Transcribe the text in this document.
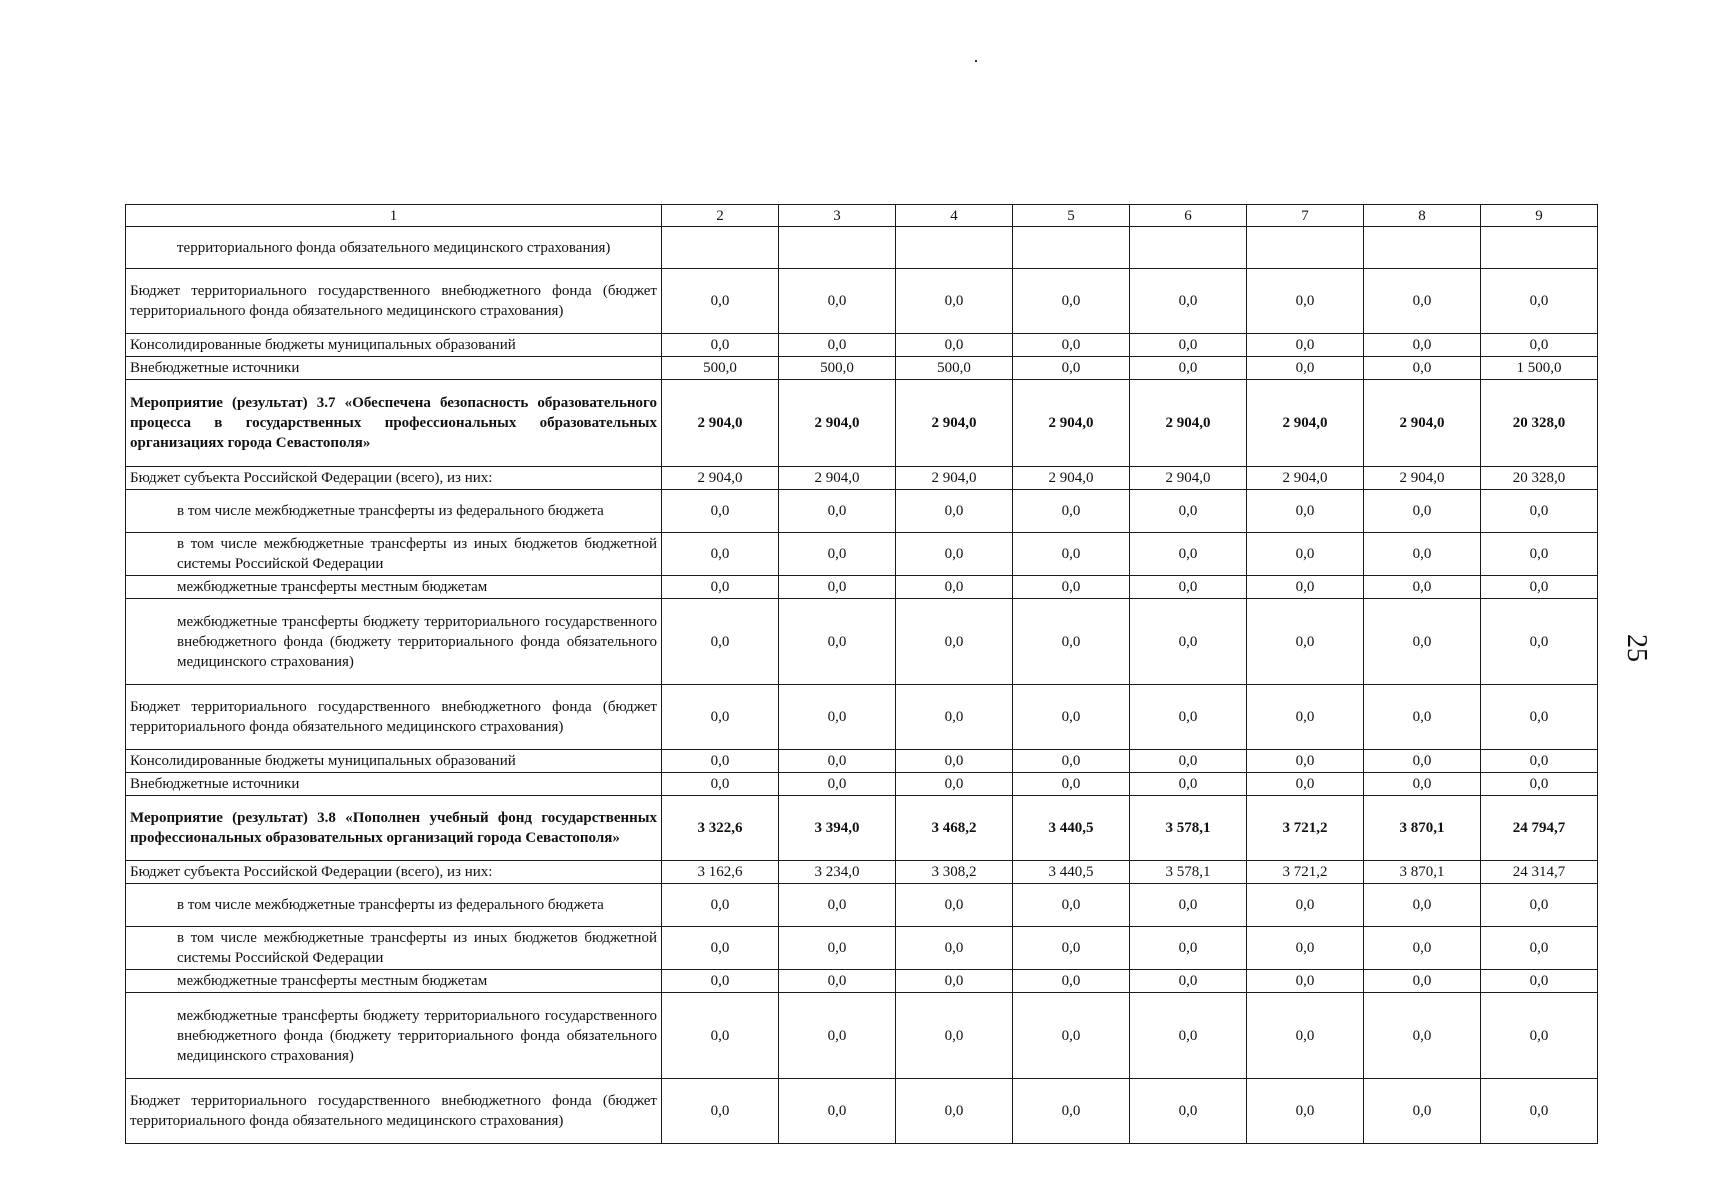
1	2	3	4	5	6	7	8	9
территориального фонда обязательного медицинского страхования)								
Бюджет территориального государственного внебюджетного фонда (бюджет территориального фонда обязательного медицинского страхования)	0,0	0,0	0,0	0,0	0,0	0,0	0,0	0,0
Консолидированные бюджеты муниципальных образований	0,0	0,0	0,0	0,0	0,0	0,0	0,0	0,0
Внебюджетные источники	500,0	500,0	500,0	0,0	0,0	0,0	0,0	1 500,0
Мероприятие (результат) 3.7 «Обеспечена безопасность образовательного процесса в государственных профессиональных образовательных организациях города Севастополя»	2 904,0	2 904,0	2 904,0	2 904,0	2 904,0	2 904,0	2 904,0	20 328,0
Бюджет субъекта Российской Федерации (всего), из них:	2 904,0	2 904,0	2 904,0	2 904,0	2 904,0	2 904,0	2 904,0	20 328,0
в том числе межбюджетные трансферты из федерального бюджета	0,0	0,0	0,0	0,0	0,0	0,0	0,0	0,0
в том числе межбюджетные трансферты из иных бюджетов бюджетной системы Российской Федерации	0,0	0,0	0,0	0,0	0,0	0,0	0,0	0,0
межбюджетные трансферты местным бюджетам	0,0	0,0	0,0	0,0	0,0	0,0	0,0	0,0
межбюджетные трансферты бюджету территориального государственного внебюджетного фонда (бюджету территориального фонда обязательного медицинского страхования)	0,0	0,0	0,0	0,0	0,0	0,0	0,0	0,0
Бюджет территориального государственного внебюджетного фонда (бюджет территориального фонда обязательного медицинского страхования)	0,0	0,0	0,0	0,0	0,0	0,0	0,0	0,0
Консолидированные бюджеты муниципальных образований	0,0	0,0	0,0	0,0	0,0	0,0	0,0	0,0
Внебюджетные источники	0,0	0,0	0,0	0,0	0,0	0,0	0,0	0,0
Мероприятие (результат) 3.8 «Пополнен учебный фонд государственных профессиональных образовательных организаций города Севастополя»	3 322,6	3 394,0	3 468,2	3 440,5	3 578,1	3 721,2	3 870,1	24 794,7
Бюджет субъекта Российской Федерации (всего), из них:	3 162,6	3 234,0	3 308,2	3 440,5	3 578,1	3 721,2	3 870,1	24 314,7
в том числе межбюджетные трансферты из федерального бюджета	0,0	0,0	0,0	0,0	0,0	0,0	0,0	0,0
в том числе межбюджетные трансферты из иных бюджетов бюджетной системы Российской Федерации	0,0	0,0	0,0	0,0	0,0	0,0	0,0	0,0
межбюджетные трансферты местным бюджетам	0,0	0,0	0,0	0,0	0,0	0,0	0,0	0,0
межбюджетные трансферты бюджету территориального государственного внебюджетного фонда (бюджету территориального фонда обязательного медицинского страхования)	0,0	0,0	0,0	0,0	0,0	0,0	0,0	0,0
Бюджет территориального государственного внебюджетного фонда (бюджет территориального фонда обязательного медицинского страхования)	0,0	0,0	0,0	0,0	0,0	0,0	0,0	0,0
25
